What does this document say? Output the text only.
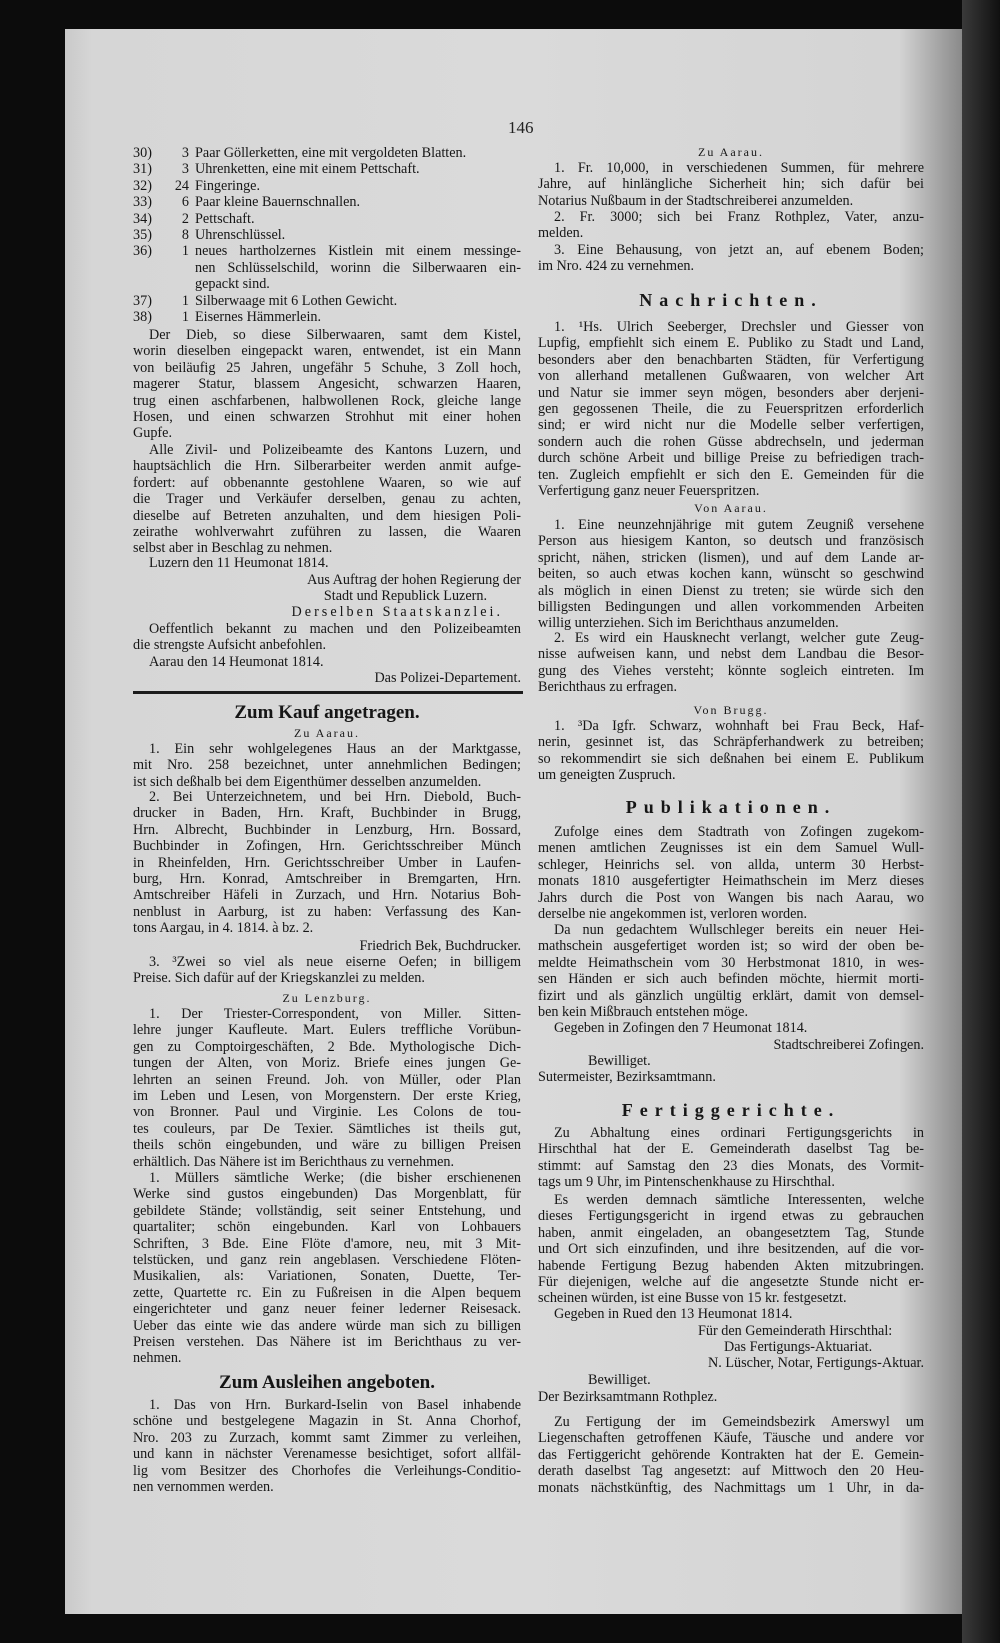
146
30)	3 Paar Göllerketten, eine mit vergoldeten Blatten.
31)	3 Uhrenketten, eine mit einem Pettschaft.
32)	24 Fingeringe.
33)	6 Paar kleine Bauernschnallen.
34)	2 Pettschaft.
35)	8 Uhrenschlüssel.
36)	1 neues hartholzernes Kistlein mit einem messinge-
nen Schlüsselschild, worinn die Silberwaaren ein-
gepackt sind.
37)	1 Silberwaage mit 6 Lothen Gewicht.
38)	1 Eisernes Hämmerlein.
Der Dieb, so diese Silberwaaren, samt dem Kistel,
worin dieselben eingepackt waren, entwendet, ist ein Mann
von beiläufig 25 Jahren, ungefähr 5 Schuhe, 3 Zoll hoch,
magerer Statur, blassem Angesicht, schwarzen Haaren,
trug einen aschfarbenen, halbwollenen Rock, gleiche lange
Hosen, und einen schwarzen Strohhut mit einer hohen
Gupfe.
Alle Zivil- und Polizeibeamte des Kantons Luzern, und
hauptsächlich die Hrn. Silberarbeiter werden anmit aufge-
fordert: auf obbenannte gestohlene Waaren, so wie auf
die Trager und Verkäufer derselben, genau zu achten,
dieselbe auf Betreten anzuhalten, und dem hiesigen Poli-
zeirathe wohlverwahrt zuführen zu lassen, die Waaren
selbst aber in Beschlag zu nehmen.
Luzern den 11 Heumonat 1814.
Aus Auftrag der hohen Regierung der
Stadt und Republick Luzern.
Derselben Staatskanzlei.
Oeffentlich bekannt zu machen und den Polizeibeamten
die strengste Aufsicht anbefohlen.
Aarau den 14 Heumonat 1814.
Das Polizei-Departement.
Zum Kauf angetragen.
Zu Aarau.
1. Ein sehr wohlgelegenes Haus an der Marktgasse,
mit Nro. 258 bezeichnet, unter annehmlichen Bedingen;
ist sich deßhalb bei dem Eigenthümer desselben anzumelden.
2. Bei Unterzeichnetem, und bei Hrn. Diebold, Buch-
drucker in Baden, Hrn. Kraft, Buchbinder in Brugg,
Hrn. Albrecht, Buchbinder in Lenzburg, Hrn. Bossard,
Buchbinder in Zofingen, Hrn. Gerichtsschreiber Münch
in Rheinfelden, Hrn. Gerichtsschreiber Umber in Laufen-
burg, Hrn. Konrad, Amtschreiber in Bremgarten, Hrn.
Amtschreiber Häfeli in Zurzach, und Hrn. Notarius Boh-
nenblust in Aarburg, ist zu haben: Verfassung des Kan-
tons Aargau, in 4. 1814. à bz. 2.
Friedrich Bek, Buchdrucker.
3. ³Zwei so viel als neue eiserne Oefen; in billigem
Preise. Sich dafür auf der Kriegskanzlei zu melden.
Zu Lenzburg.
1. Der Triester-Correspondent, von Miller. Sitten-
lehre junger Kaufleute. Mart. Eulers treffliche Vorübun-
gen zu Comptoirgeschäften, 2 Bde. Mythologische Dich-
tungen der Alten, von Moriz. Briefe eines jungen Ge-
lehrten an seinen Freund. Joh. von Müller, oder Plan
im Leben und Lesen, von Morgenstern. Der erste Krieg,
von Bronner. Paul und Virginie. Les Colons de tou-
tes couleurs, par De Texier. Sämtliches ist theils gut,
theils schön eingebunden, und wäre zu billigen Preisen
erhältlich. Das Nähere ist im Berichthaus zu vernehmen.
1. Müllers sämtliche Werke; (die bisher erschienenen
Werke sind gustos eingebunden) Das Morgenblatt, für
gebildete Stände; vollständig, seit seiner Entstehung, und
quartaliter; schön eingebunden. Karl von Lohbauers
Schriften, 3 Bde. Eine Flöte d'amore, neu, mit 3 Mit-
telstücken, und ganz rein angeblasen. Verschiedene Flöten-
Musikalien, als: Variationen, Sonaten, Duette, Ter-
zette, Quartette rc. Ein zu Fußreisen in die Alpen bequem
eingerichteter und ganz neuer feiner lederner Reisesack.
Ueber das einte wie das andere würde man sich zu billigen
Preisen verstehen. Das Nähere ist im Berichthaus zu ver-
nehmen.
Zum Ausleihen angeboten.
1. Das von Hrn. Burkard-Iselin von Basel inhabende
schöne und bestgelegene Magazin in St. Anna Chorhof,
Nro. 203 zu Zurzach, kommt samt Zimmer zu verleihen,
und kann in nächster Verenamesse besichtiget, sofort allfäl-
lig vom Besitzer des Chorhofes die Verleihungs-Conditio-
nen vernommen werden.
Zu Aarau.
1. Fr. 10,000, in verschiedenen Summen, für mehrere
Jahre, auf hinlängliche Sicherheit hin; sich dafür bei
Notarius Nußbaum in der Stadtschreiberei anzumelden.
2. Fr. 3000; sich bei Franz Rothplez, Vater, anzu-
melden.
3. Eine Behausung, von jetzt an, auf ebenem Boden;
im Nro. 424 zu vernehmen.
Nachrichten.
1. ¹Hs. Ulrich Seeberger, Drechsler und Giesser von
Lupfig, empfiehlt sich einem E. Publiko zu Stadt und Land,
besonders aber den benachbarten Städten, für Verfertigung
von allerhand metallenen Gußwaaren, von welcher Art
und Natur sie immer seyn mögen, besonders aber derjeni-
gen gegossenen Theile, die zu Feuerspritzen erforderlich
sind; er wird nicht nur die Modelle selber verfertigen,
sondern auch die rohen Güsse abdrechseln, und jederman
durch schöne Arbeit und billige Preise zu befriedigen trach-
ten. Zugleich empfiehlt er sich den E. Gemeinden für die
Verfertigung ganz neuer Feuerspritzen.
Von Aarau.
1. Eine neunzehnjährige mit gutem Zeugniß versehene
Person aus hiesigem Kanton, so deutsch und französisch
spricht, nähen, stricken (lismen), und auf dem Lande ar-
beiten, so auch etwas kochen kann, wünscht so geschwind
als möglich in einen Dienst zu treten; sie würde sich den
billigsten Bedingungen und allen vorkommenden Arbeiten
willig unterziehen. Sich im Berichthaus anzumelden.
2. Es wird ein Hausknecht verlangt, welcher gute Zeug-
nisse aufweisen kann, und nebst dem Landbau die Besor-
gung des Viehes versteht; könnte sogleich eintreten. Im
Berichthaus zu erfragen.
Von Brugg.
1. ³Da Igfr. Schwarz, wohnhaft bei Frau Beck, Haf-
nerin, gesinnet ist, das Schräpferhandwerk zu betreiben;
so rekommendirt sie sich deßnahen bei einem E. Publikum
um geneigten Zuspruch.
Publikationen.
Zufolge eines dem Stadtrath von Zofingen zugekom-
menen amtlichen Zeugnisses ist ein dem Samuel Wull-
schleger, Heinrichs sel. von allda, unterm 30 Herbst-
monats 1810 ausgefertigter Heimathschein im Merz dieses
Jahrs durch die Post von Wangen bis nach Aarau, wo
derselbe nie angekommen ist, verloren worden.
Da nun gedachtem Wullschleger bereits ein neuer Hei-
mathschein ausgefertiget worden ist; so wird der oben be-
meldte Heimathschein vom 30 Herbstmonat 1810, in wes-
sen Händen er sich auch befinden möchte, hiermit morti-
fizirt und als gänzlich ungültig erklärt, damit von demsel-
ben kein Mißbrauch entstehen möge.
Gegeben in Zofingen den 7 Heumonat 1814.
Stadtschreiberei Zofingen.
Bewilliget.
Sutermeister, Bezirksamtmann.
Fertiggerichte.
Zu Abhaltung eines ordinari Fertigungsgerichts in
Hirschthal hat der E. Gemeinderath daselbst Tag be-
stimmt: auf Samstag den 23 dies Monats, des Vormit-
tags um 9 Uhr, im Pintenschenkhause zu Hirschthal.
Es werden demnach sämtliche Interessenten, welche
dieses Fertigungsgericht in irgend etwas zu gebrauchen
haben, anmit eingeladen, an obangesetztem Tag, Stunde
und Ort sich einzufinden, und ihre besitzenden, auf die vor-
habende Fertigung Bezug habenden Akten mitzubringen.
Für diejenigen, welche auf die angesetzte Stunde nicht er-
scheinen würden, ist eine Busse von 15 kr. festgesetzt.
Gegeben in Rued den 13 Heumonat 1814.
Für den Gemeinderath Hirschthal:
Das Fertigungs-Aktuariat.
N. Lüscher, Notar, Fertigungs-Aktuar.
Bewilliget.
Der Bezirksamtmann Rothplez.
Zu Fertigung der im Gemeindsbezirk Amerswyl um
Liegenschaften getroffenen Käufe, Täusche und andere vor
das Fertiggericht gehörende Kontrakten hat der E. Gemein-
derath daselbst Tag angesetzt: auf Mittwoch den 20 Heu-
monats nächstkünftig, des Nachmittags um 1 Uhr, in da-
